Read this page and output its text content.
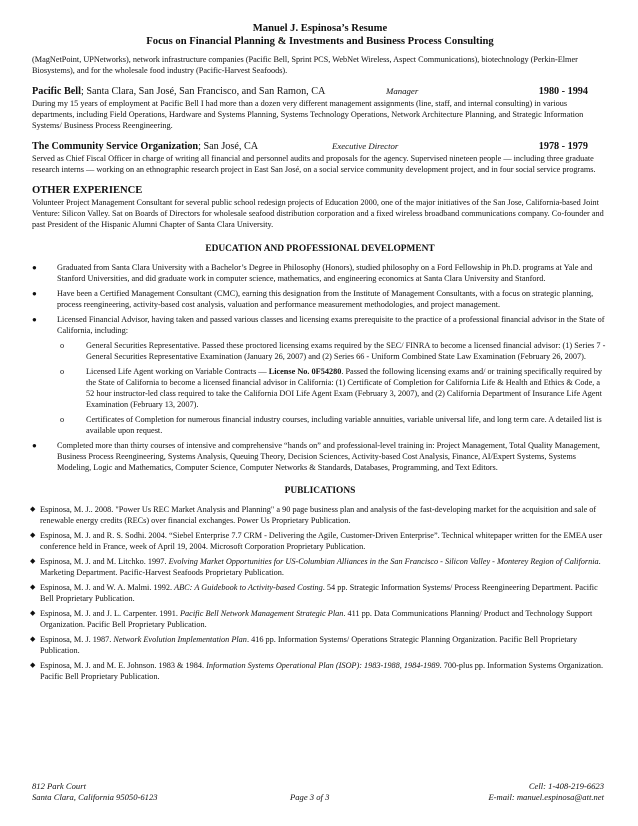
Manuel J. Espinosa’s Resume
Focus on Financial Planning & Investments and Business Process Consulting

(MagNetPoint, UPNetworks), network infrastructure companies (Pacific Bell, Sprint PCS, WebNet Wireless, Aspect Communications), biotechnology (Perkin-Elmer Biosystems), and for the wholesale food industry (Pacific-Harvest Seafoods).

Pacific Bell; Santa Clara, San José, San Francisco, and San Ramon, CA	Manager	1980 - 1994

During my 15 years of employment at Pacific Bell I had more than a dozen very different management assignments (line, staff, and internal consulting) in various departments, including Field Operations, Hardware and Systems Planning, Systems Technology Operations, Network Architecture Planning, and Strategic Information Systems/ Business Process Reengineering.

The Community Service Organization; San José, CA	Executive Director	1978 - 1979

Served as Chief Fiscal Officer in charge of writing all financial and personnel audits and proposals for the agency. Supervised nineteen people — including three graduate research interns — working on an ethnographic research project in East San José, on a social service community development project, and in four social service programs.

OTHER EXPERIENCE

Volunteer Project Management Consultant for several public school redesign projects of Education 2000, one of the major initiatives of the San Jose, California-based Joint Venture: Silicon Valley. Sat on Boards of Directors for wholesale seafood distribution corporation and a fixed wireless broadband communications company. Co-founder and past President of the Hispanic Alumni Chapter of Santa Clara University.

EDUCATION AND PROFESSIONAL DEVELOPMENT
● Graduated from Santa Clara University with a Bachelor’s Degree in Philosophy (Honors), studied philosophy on a Ford Fellowship in Ph.D. programs at Yale and Stanford Universities, and did graduate work in computer science, mathematics, and engineering economics at Santa Clara University and Stanford.
● Have been a Certified Management Consultant (CMC), earning this designation from the Institute of Management Consultants, with a focus on strategic planning, process reengineering, activity-based cost analysis, valuation and performance measurement methodologies, and project management.
● Licensed Financial Advisor, having taken and passed various classes and licensing exams prerequisite to the practice of a professional financial advisor in the State of California, including:
o	General Securities Representative. Passed these proctored licensing exams required by the SEC/ FINRA to become a licensed financial advisor: (1) Series 7 - General Securities Representative Examination (January 26, 2007) and (2) Series 66 - Uniform Combined State Law Examination (February 26, 2007).
o	Licensed Life Agent working on Variable Contracts — License No. 0F54280. Passed the following licensing exams and/ or training specifically required by the State of California to become a licensed financial advisor in California: (1) Certificate of Completion for California Life & Health and Ethics & Code, a 52 hour instructor-led class required to take the California DOI Life Agent Exam (February 3, 2007), and (2) California Department of Insurance Life Agent Examination (February 13, 2007).
o	Certificates of Completion for numerous financial industry courses, including variable annuities, variable universal life, and long term care. A detailed list is available upon request.
● Completed more than thirty courses of intensive and comprehensive “hands on” and professional-level training in: Project Management, Total Quality Management, Business Process Reengineering, Systems Analysis, Queuing Theory, Decision Sciences, Activity-based Cost Analysis, Finance, AI/Expert Systems, Systems Modeling, Logic and Mathematics, Computer Science, Computer Networks & Standards, Databases, Programming, and Text Editors.
PUBLICATIONS
◆ Espinosa, M. J.. 2008. "Power Us REC Market Analysis and Planning" a 90 page business plan and analysis of the fast-developing market for the acquisition and sale of renewable energy credits (RECs) over financial exchanges. Power Us Proprietary Publication.
◆ Espinosa, M. J. and R. S. Sodhi. 2004. “Siebel Enterprise 7.7 CRM - Delivering the Agile, Customer-Driven Enterprise”. Technical whitepaper written for the EMEA user conference held in France, week of April 19, 2004. Microsoft Corporation Proprietary Publication.
◆ Espinosa, M. J. and M. Litchko. 1997. Evolving Market Opportunities for US-Columbian Alliances in the San Francisco - Silicon Valley - Monterey Region of California. Marketing Department. Pacific-Harvest Seafoods Proprietary Publication.
◆ Espinosa, M. J. and W. A. Malmi. 1992. ABC: A Guidebook to Activity-based Costing. 54 pp. Strategic Information Systems/ Process Reengineering Department. Pacific Bell Proprietary Publication.
◆ Espinosa, M. J. and J. L. Carpenter. 1991. Pacific Bell Network Management Strategic Plan. 411 pp. Data Communications Planning/ Product and Technology Support Organization. Pacific Bell Proprietary Publication.
◆ Espinosa, M. J. 1987. Network Evolution Implementation Plan. 416 pp. Information Systems/ Operations Strategic Planning Organization. Pacific Bell Proprietary Publication.
◆ Espinosa, M. J. and M. E. Johnson. 1983 & 1984. Information Systems Operational Plan (ISOP): 1983-1988, 1984-1989. 700-plus pp. Information Systems Organization. Pacific Bell Proprietary Publication.
812 Park Court
Santa Clara, California 95050-6123	Page 3 of 3
Cell: 1-408-219-6623
E-mail: manuel.espinosa@att.net
